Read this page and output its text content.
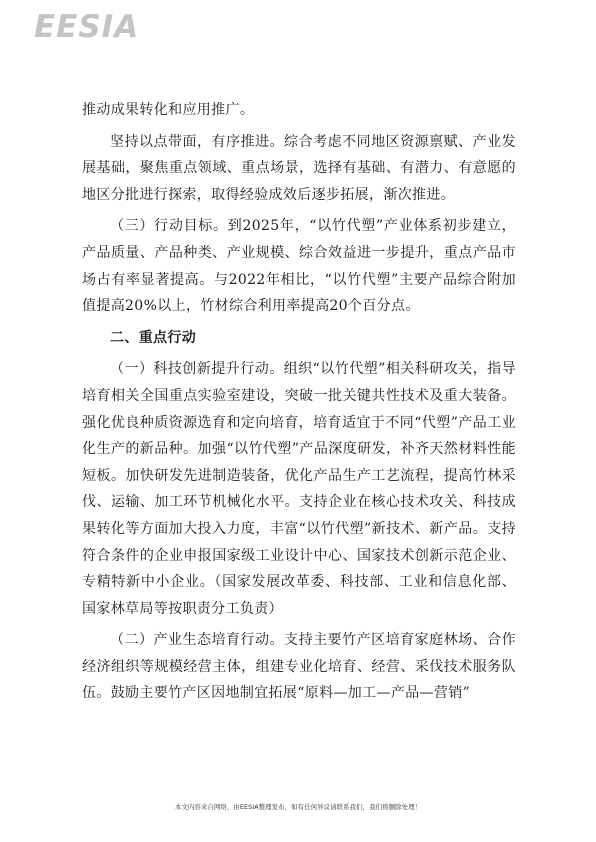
EESIA

推动成果转化和应用推广。

坚持以点带面，有序推进。综合考虑不同地区资源禀赋、产业发展基础，聚焦重点领域、重点场景，选择有基础、有潜力、有意愿的地区分批进行探索，取得经验成效后逐步拓展，渐次推进。

（三）行动目标。到2025年，“以竹代塑”产业体系初步建立，产品质量、产品种类、产业规模、综合效益进一步提升，重点产品市场占有率显著提高。与2022年相比，“以竹代塑”主要产品综合附加值提高20%以上，竹材综合利用率提高20个百分点。

二、重点行动

（一）科技创新提升行动。组织“以竹代塑”相关科研攻关，指导培育相关全国重点实验室建设，突破一批关键共性技术及重大装备。强化优良种质资源选育和定向培育，培育适宜于不同“代塑”产品工业化生产的新品种。加强“以竹代塑”产品深度研发，补齐天然材料性能短板。加快研发先进制造装备，优化产品生产工艺流程，提高竹林采伐、运输、加工环节机械化水平。支持企业在核心技术攻关、科技成果转化等方面加大投入力度，丰富“以竹代塑”新技术、新产品。支持符合条件的企业申报国家级工业设计中心、国家技术创新示范企业、专精特新中小企业。（国家发展改革委、科技部、工业和信息化部、国家林草局等按职责分工负责）

（二）产业生态培育行动。支持主要竹产区培育家庭林场、合作经济组织等规模经营主体，组建专业化培育、经营、采伐技术服务队伍。鼓励主要竹产区因地制宜拓展“原料—加工—产品—营销”

本文内容来自网络，由EESIA整理发布，如有任何异议请联系我们，我们将删除处理！
